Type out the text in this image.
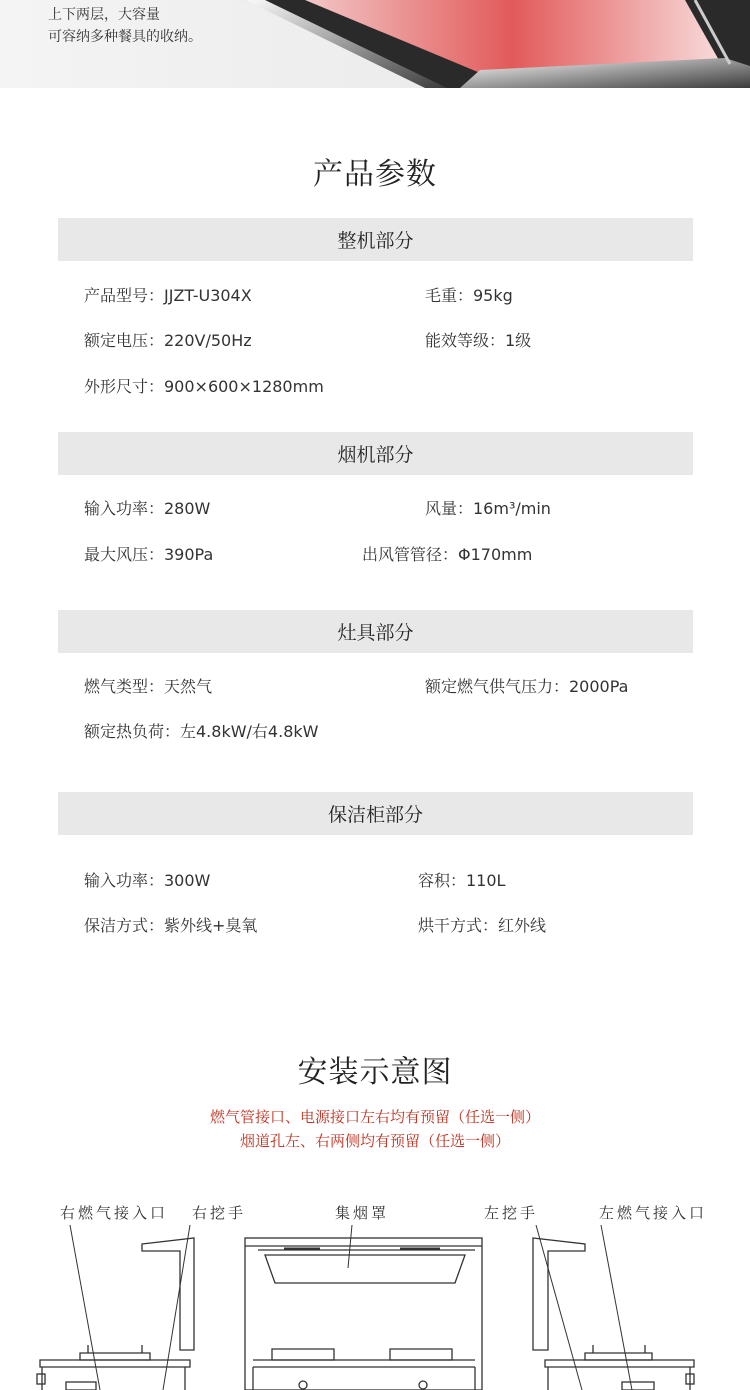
上下两层，大容量
可容纳多种餐具的收纳。
产品参数
整机部分
产品型号：JJZT-U304X	毛重：95kg
额定电压：220V/50Hz	能效等级：1级
外形尺寸：900×600×1280mm
烟机部分
输入功率：280W	风量：16m³/min
最大风压：390Pa	出风管管径：Φ170mm
灶具部分
燃气类型：天然气	额定燃气供气压力：2000Pa
额定热负荷：左4.8kW/右4.8kW
保洁柜部分
输入功率：300W	容积：110L
保洁方式：紫外线+臭氧	烘干方式：红外线
安装示意图
燃气管接口、电源接口左右均有预留（任选一侧）
烟道孔左、右两侧均有预留（任选一侧）
右燃气接入口 右挖手	集烟罩	左挖手	左燃气接入口
